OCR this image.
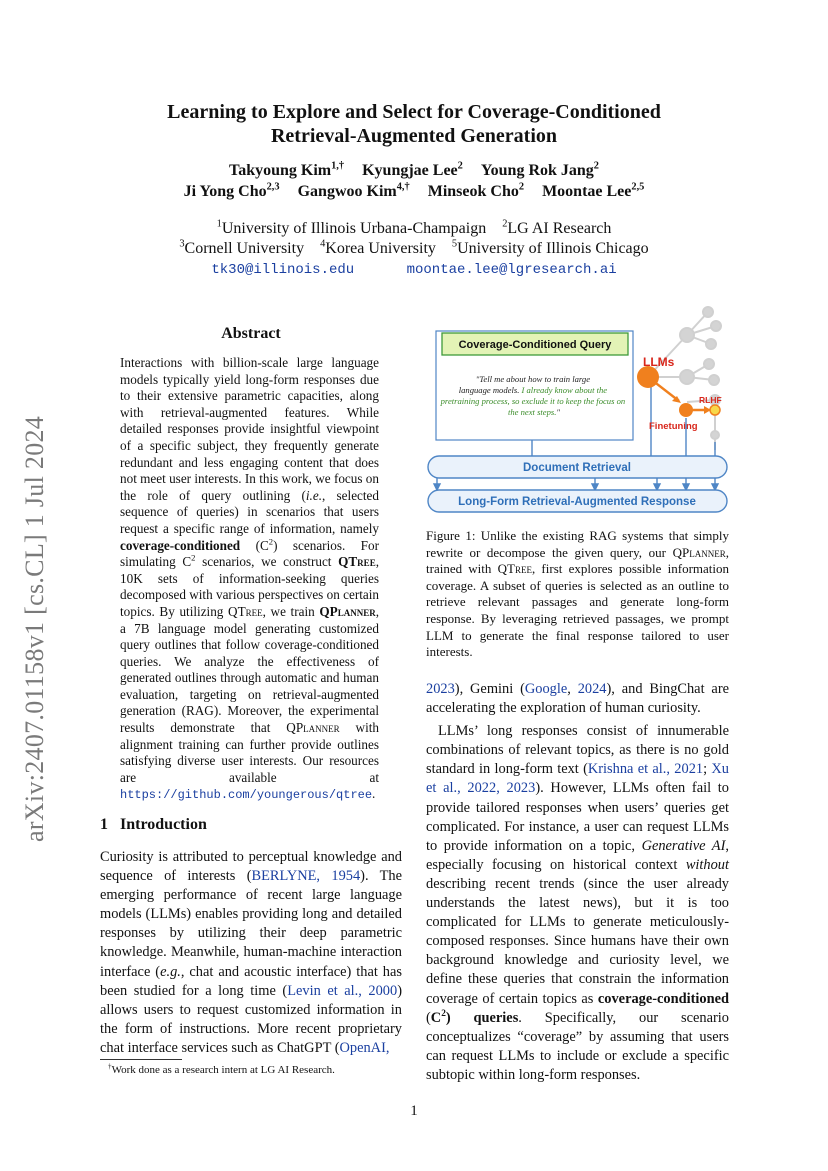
arXiv:2407.01158v1 [cs.CL] 1 Jul 2024
Learning to Explore and Select for Coverage-Conditioned
Retrieval-Augmented Generation
Takyoung Kim$^{1,\dagger}$ Kyungjae Lee$^2$ Young Rok Jang$^2$
Ji Yong Cho$^{2,3}$ Gangwoo Kim$^{4,\dagger}$ Minseok Cho$^2$ Moontae Lee$^{2,5}$
$^1$University of Illinois Urbana-Champaign $^2$LG AI Research
$^3$Cornell University $^4$Korea University $^5$University of Illinois Chicago
tk30@illinois.edu	moontae.lee@lgresearch.ai
Abstract
Interactions with billion-scale large language models typically yield long-form responses due to their extensive parametric capacities, along with retrieval-augmented features. While detailed responses provide insightful viewpoint of a specific subject, they frequently generate redundant and less engaging content that does not meet user interests. In this work, we focus on the role of query outlining (i.e., selected sequence of queries) in scenarios that users request a specific range of information, namely coverage-conditioned $(C^2)$ scenarios. For simulating $C^2$ scenarios, we construct QTree, 10K sets of information-seeking queries decomposed with various perspectives on certain topics. By utilizing QTree, we train QPlanner, a 7B language model generating customized query outlines that follow coverage-conditioned queries. We analyze the effectiveness of generated outlines through automatic and human evaluation, targeting on retrieval-augmented generation (RAG). Moreover, the experimental results demonstrate that QPlanner with alignment training can further provide outlines satisfying diverse user interests. Our resources are available at https://github.com/youngerous/qtree.
1 Introduction
Curiosity is attributed to perceptual knowledge and sequence of interests (BERLYNE, 1954). The emerging performance of recent large language models (LLMs) enables providing long and detailed responses by utilizing their deep parametric knowledge. Meanwhile, human-machine interaction interface (e.g., chat and acoustic interface) that has been studied for a long time (Levin et al., 2000) allows users to request customized information in the form of instructions. More recent proprietary chat interface services such as ChatGPT (OpenAI,
†Work done as a research intern at LG AI Research.
Coverage-Conditioned Query
"Tell me about how to train large language models. I already know about the pretraining process, so exclude it to keep the focus on the next steps."
LLMs
RLHF
Finetuning
Document Retrieval
Long-Form Retrieval-Augmented Response
Figure 1: Unlike the existing RAG systems that simply rewrite or decompose the given query, our QPlanner, trained with QTree, first explores possible information coverage. A subset of queries is selected as an outline to retrieve relevant passages and generate long-form response. By leveraging retrieved passages, we prompt LLM to generate the final response tailored to user interests.

2023), Gemini (Google, 2024), and BingChat are accelerating the exploration of human curiosity.

LLMs’ long responses consist of innumerable combinations of relevant topics, as there is no gold standard in long-form text (Krishna et al., 2021; Xu et al., 2022, 2023). However, LLMs often fail to provide tailored responses when users’ queries get complicated. For instance, a user can request LLMs to provide information on a topic, Generative AI, especially focusing on historical context without describing recent trends (since the user already understands the latest news), but it is too complicated for LLMs to generate meticulously-composed responses. Since humans have their own background knowledge and curiosity level, we define these queries that constrain the information coverage of certain topics as coverage-conditioned $(C^2)$ queries. Specifically, our scenario conceptualizes “coverage” by assuming that users can request LLMs to include or exclude a specific subtopic within long-form responses.

1
